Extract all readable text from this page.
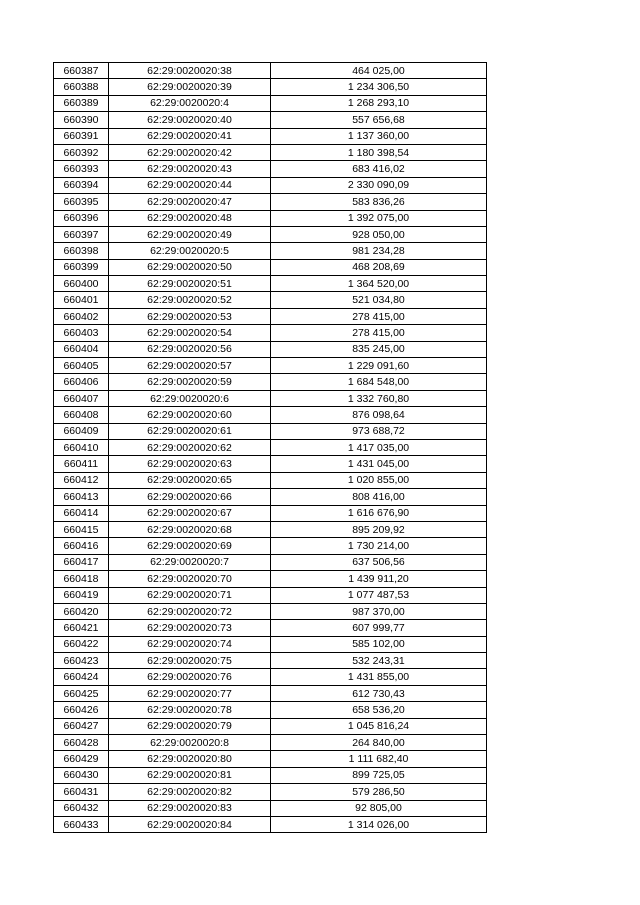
660387	62:29:0020020:38	464 025,00
660388	62:29:0020020:39	1 234 306,50
660389	62:29:0020020:4	1 268 293,10
660390	62:29:0020020:40	557 656,68
660391	62:29:0020020:41	1 137 360,00
660392	62:29:0020020:42	1 180 398,54
660393	62:29:0020020:43	683 416,02
660394	62:29:0020020:44	2 330 090,09
660395	62:29:0020020:47	583 836,26
660396	62:29:0020020:48	1 392 075,00
660397	62:29:0020020:49	928 050,00
660398	62:29:0020020:5	981 234,28
660399	62:29:0020020:50	468 208,69
660400	62:29:0020020:51	1 364 520,00
660401	62:29:0020020:52	521 034,80
660402	62:29:0020020:53	278 415,00
660403	62:29:0020020:54	278 415,00
660404	62:29:0020020:56	835 245,00
660405	62:29:0020020:57	1 229 091,60
660406	62:29:0020020:59	1 684 548,00
660407	62:29:0020020:6	1 332 760,80
660408	62:29:0020020:60	876 098,64
660409	62:29:0020020:61	973 688,72
660410	62:29:0020020:62	1 417 035,00
660411	62:29:0020020:63	1 431 045,00
660412	62:29:0020020:65	1 020 855,00
660413	62:29:0020020:66	808 416,00
660414	62:29:0020020:67	1 616 676,90
660415	62:29:0020020:68	895 209,92
660416	62:29:0020020:69	1 730 214,00
660417	62:29:0020020:7	637 506,56
660418	62:29:0020020:70	1 439 911,20
660419	62:29:0020020:71	1 077 487,53
660420	62:29:0020020:72	987 370,00
660421	62:29:0020020:73	607 999,77
660422	62:29:0020020:74	585 102,00
660423	62:29:0020020:75	532 243,31
660424	62:29:0020020:76	1 431 855,00
660425	62:29:0020020:77	612 730,43
660426	62:29:0020020:78	658 536,20
660427	62:29:0020020:79	1 045 816,24
660428	62:29:0020020:8	264 840,00
660429	62:29:0020020:80	1 111 682,40
660430	62:29:0020020:81	899 725,05
660431	62:29:0020020:82	579 286,50
660432	62:29:0020020:83	92 805,00
660433	62:29:0020020:84	1 314 026,00
